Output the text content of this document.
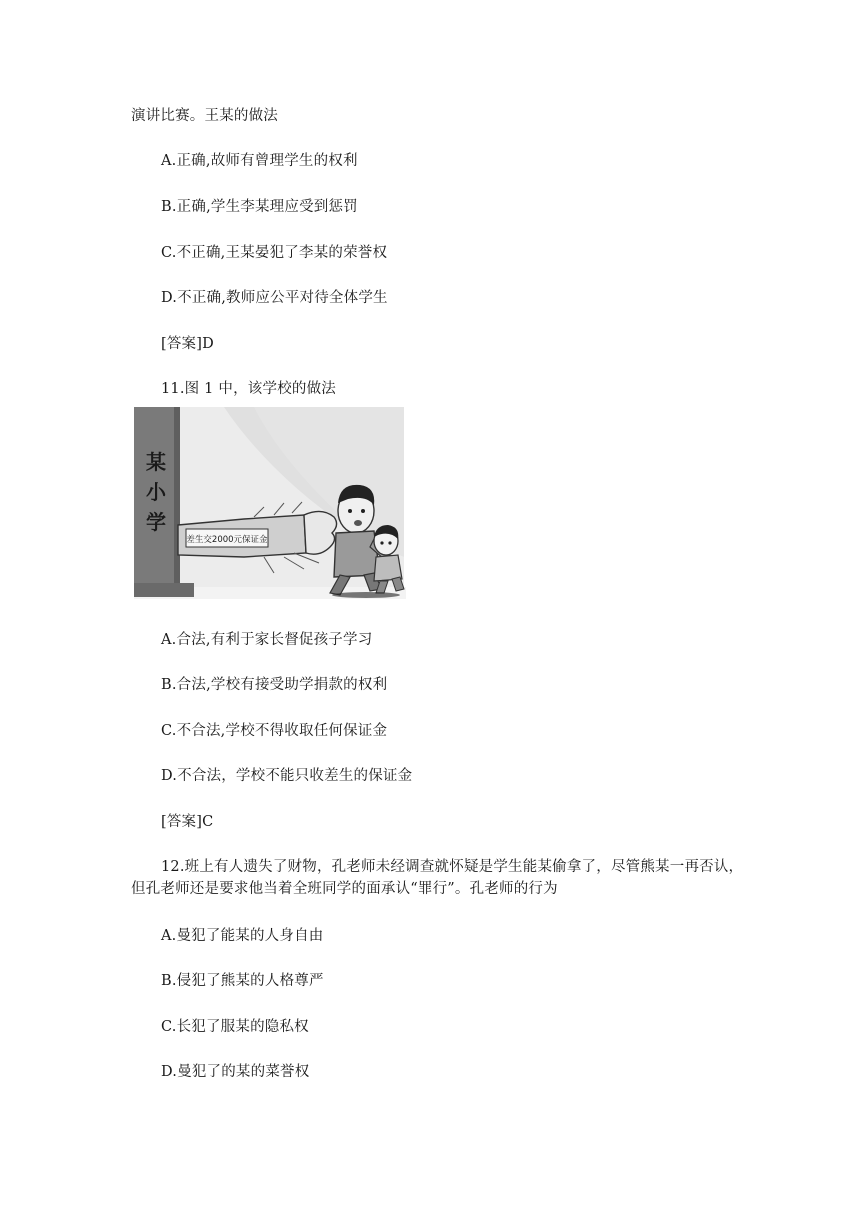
演讲比赛。王某的做法
A.正确,故师有曾理学生的权利
B.正确,学生李某理应受到惩罚
C.不正确,王某晏犯了李某的荣誉权
D.不正确,教师应公平对待全体学生
[答案]D
11.图 1 中，该学校的做法
某
小
学
差生交2000元保证金
A.合法,有利于家长督促孩子学习
B.合法,学校有接受助学捐款的权利
C.不合法,学校不得收取任何保证金
D.不合法，学校不能只收差生的保证金
[答案]C
12.班上有人遗失了财物，孔老师未经调查就怀疑是学生能某偷拿了，尽管熊某一再否认，但孔老师还是要求他当着全班同学的面承认“罪行”。孔老师的行为
A.曼犯了能某的人身自由
B.侵犯了熊某的人格尊严
C.长犯了服某的隐私权
D.曼犯了的某的菜誉权
